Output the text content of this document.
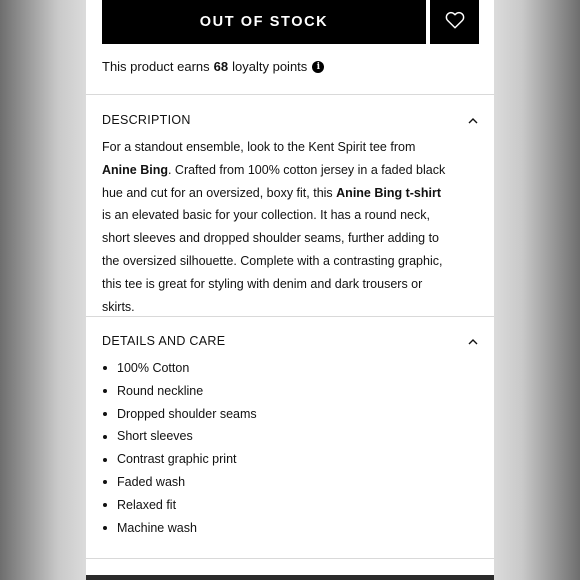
OUT OF STOCK
This product earns 68 loyalty points	i
DESCRIPTION
For a standout ensemble, look to the Kent Spirit tee from Anine Bing. Crafted from 100% cotton jersey in a faded black hue and cut for an oversized, boxy fit, this Anine Bing t-shirt is an elevated basic for your collection. It has a round neck, short sleeves and dropped shoulder seams, further adding to the oversized silhouette. Complete with a contrasting graphic, this tee is great for styling with denim and dark trousers or skirts.
DETAILS AND CARE
100% Cotton
Round neckline
Dropped shoulder seams
Short sleeves
Contrast graphic print
Faded wash
Relaxed fit
Machine wash
